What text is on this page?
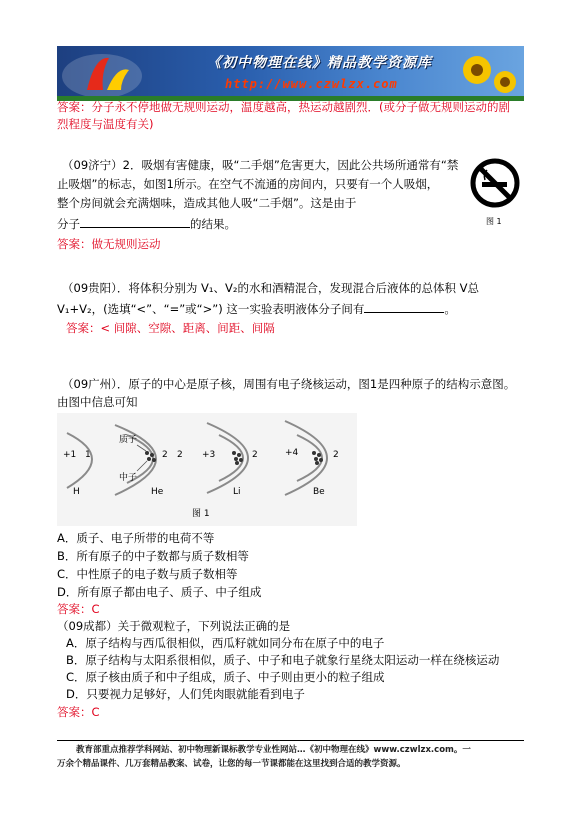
《初中物理在线》精品教学资源库
http://www.czwlzx.com
答案：分子永不停地做无规则运动，温度越高，热运动越剧烈．(或分子做无规则运动的剧
烈程度与温度有关)
（09济宁）2．吸烟有害健康，吸“二手烟”危害更大，因此公共场所通常有“禁
止吸烟”的标志，如图1所示。在空气不流通的房间内，只要有一个人吸烟，
整个房间就会充满烟味，造成其他人吸“二手烟”。这是由于
分子	的结果。	图 1
答案：做无规则运动
（09贵阳）．将体积分别为 V₁、V₂的水和酒精混合，发现混合后液体的总体积 V总
V₁+V₂，(选填“<”、“=”或“>”) 这一实验表明液体分子间有	。
答案：< 间隙、空隙、距离、间距、间隔
（09广州）．原子的中心是原子核，周围有电子绕核运动，图1是四种原子的结构示意图。
由图中信息可知
+1 1
H
质子
中子
2 2
He
+3	2
Li
+4	2
Be
图 1
A．质子、电子所带的电荷不等
B．所有原子的中子数都与质子数相等
C．中性原子的电子数与质子数相等
D．所有原子都由电子、质子、中子组成
答案：C
（09成都）关于微观粒子，下列说法正确的是
A．原子结构与西瓜很相似，西瓜籽就如同分布在原子中的电子
B．原子结构与太阳系很相似，质子、中子和电子就象行星绕太阳运动一样在绕核运动
C．原子核由质子和中子组成，质子、中子则由更小的粒子组成
D．只要视力足够好，人们凭肉眼就能看到电子
答案：C
教育部重点推荐学科网站、初中物理新课标教学专业性网站…《初中物理在线》www.czwlzx.com。一
万余个精品课件、几万套精品教案、试卷，让您的每一节课都能在这里找到合适的教学资源。
